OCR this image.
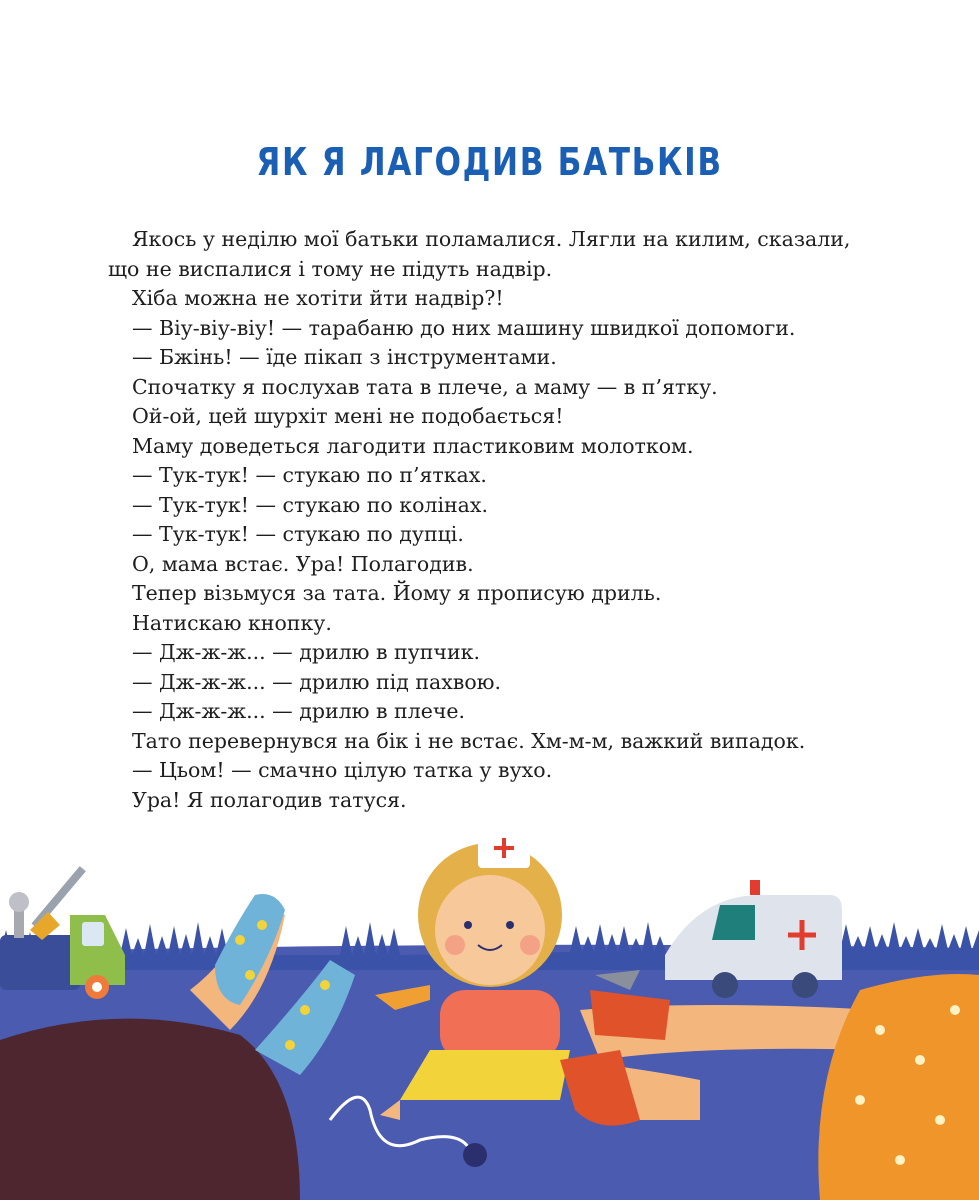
ЯК Я ЛАГОДИВ БАТЬКІВ

Якось у неділю мої батьки поламалися. Лягли на килим, сказали,

що не виспалися і тому не підуть надвір.

Хіба можна не хотіти йти надвір?!

— Віу-віу-віу! — тарабаню до них машину швидкої допомоги.

— Бжінь! — їде пікап з інструментами.

Спочатку я послухав тата в плече, а маму — в п’ятку.

Ой-ой, цей шурхіт мені не подобається!

Маму доведеться лагодити пластиковим молотком.

— Тук-тук! — стукаю по п’ятках.

— Тук-тук! — стукаю по колінах.

— Тук-тук! — стукаю по дупці.

О, мама встає. Ура! Полагодив.

Тепер візьмуся за тата. Йому я прописую дриль.

Натискаю кнопку.

— Дж-ж-ж... — дрилю в пупчик.

— Дж-ж-ж... — дрилю під пахвою.

— Дж-ж-ж... — дрилю в плече.

Тато перевернувся на бік і не встає. Хм-м-м, важкий випадок.

— Цьом! — смачно цілую татка у вухо.

Ура! Я полагодив татуся.
